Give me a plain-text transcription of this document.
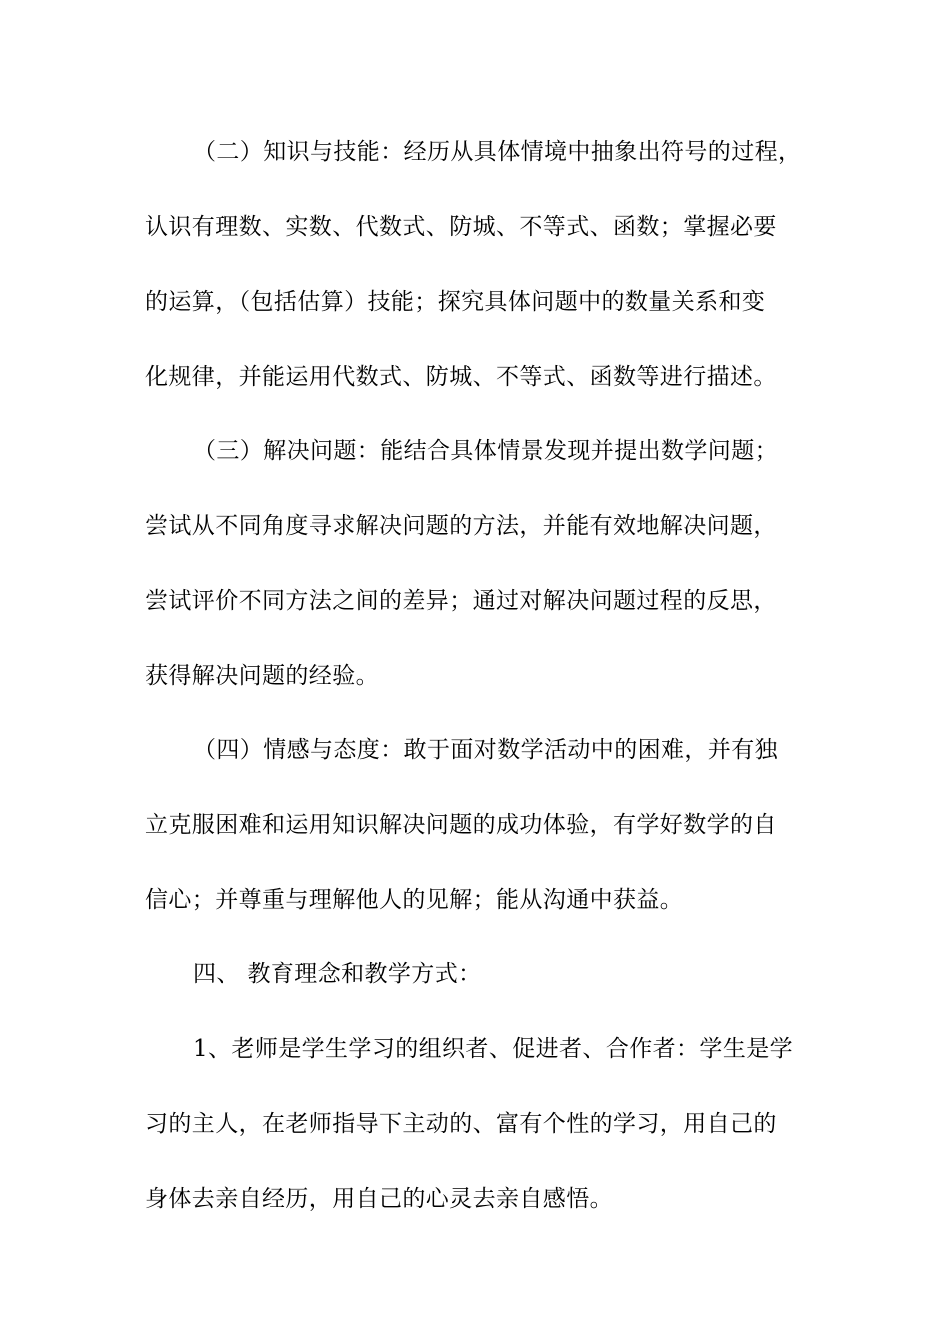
（二）知识与技能：经历从具体情境中抽象出符号的过程，
认识有理数、实数、代数式、防城、不等式、函数；掌握必要
的运算，（包括估算）技能；探究具体问题中的数量关系和变
化规律，并能运用代数式、防城、不等式、函数等进行描述。
（三）解决问题：能结合具体情景发现并提出数学问题；
尝试从不同角度寻求解决问题的方法，并能有效地解决问题，
尝试评价不同方法之间的差异；通过对解决问题过程的反思，
获得解决问题的经验。
（四）情感与态度：敢于面对数学活动中的困难，并有独
立克服困难和运用知识解决问题的成功体验，有学好数学的自
信心；并尊重与理解他人的见解；能从沟通中获益。
四、 教育理念和教学方式：
1、老师是学生学习的组织者、促进者、合作者：学生是学
习的主人，在老师指导下主动的、富有个性的学习，用自己的
身体去亲自经历，用自己的心灵去亲自感悟。
